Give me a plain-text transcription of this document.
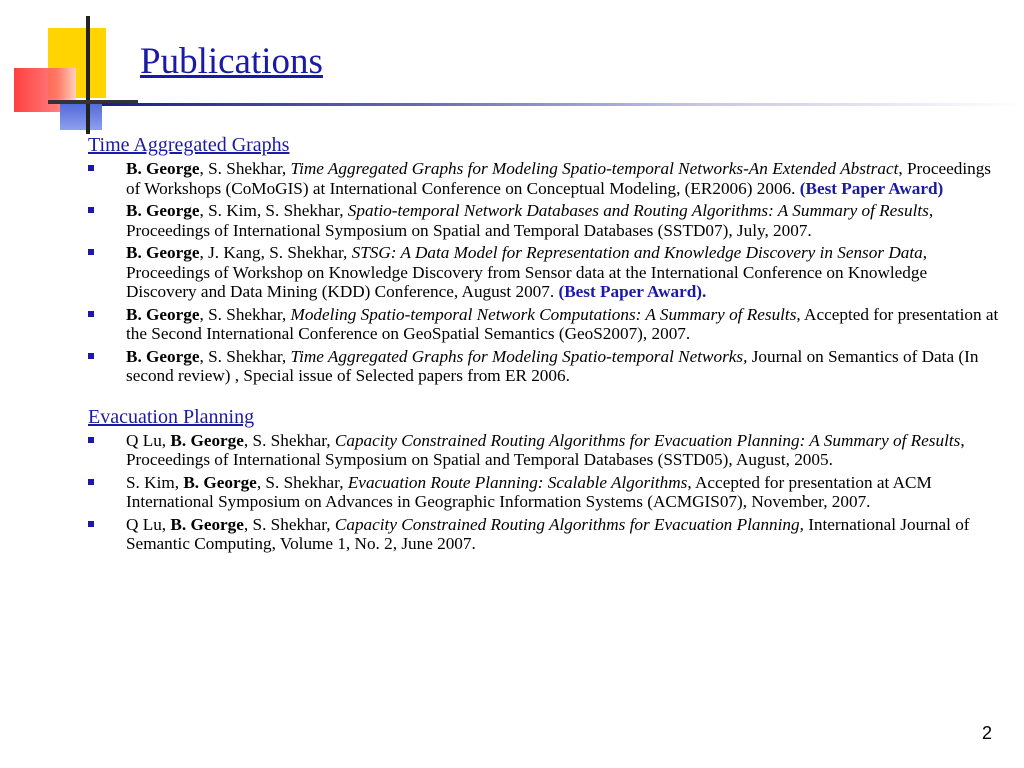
Publications
Time Aggregated Graphs
B. George, S. Shekhar, Time Aggregated Graphs for Modeling Spatio-temporal Networks-An Extended Abstract, Proceedings of Workshops (CoMoGIS) at International Conference on Conceptual Modeling, (ER2006) 2006. (Best Paper Award)
B. George, S. Kim, S. Shekhar, Spatio-temporal Network Databases and Routing Algorithms: A Summary of Results, Proceedings of International Symposium on Spatial and Temporal Databases (SSTD07), July, 2007.
B. George, J. Kang, S. Shekhar, STSG: A Data Model for Representation and Knowledge Discovery in Sensor Data, Proceedings of Workshop on Knowledge Discovery from Sensor data at the International Conference on Knowledge Discovery and Data Mining (KDD) Conference, August 2007. (Best Paper Award).
B. George, S. Shekhar, Modeling Spatio-temporal Network Computations: A Summary of Results, Accepted for presentation at the Second International Conference on GeoSpatial Semantics (GeoS2007), 2007.
B. George, S. Shekhar, Time Aggregated Graphs for Modeling Spatio-temporal Networks, Journal on Semantics of Data (In second review) , Special issue of Selected papers from ER 2006.
Evacuation Planning
Q Lu, B. George, S. Shekhar, Capacity Constrained Routing Algorithms for Evacuation Planning: A Summary of Results, Proceedings of International Symposium on Spatial and Temporal Databases (SSTD05), August, 2005.
S. Kim, B. George, S. Shekhar, Evacuation Route Planning: Scalable Algorithms, Accepted for presentation at ACM International Symposium on Advances in Geographic Information Systems (ACMGIS07), November, 2007.
Q Lu, B. George, S. Shekhar, Capacity Constrained Routing Algorithms for Evacuation Planning, International Journal of Semantic Computing, Volume 1, No. 2, June 2007.
2
